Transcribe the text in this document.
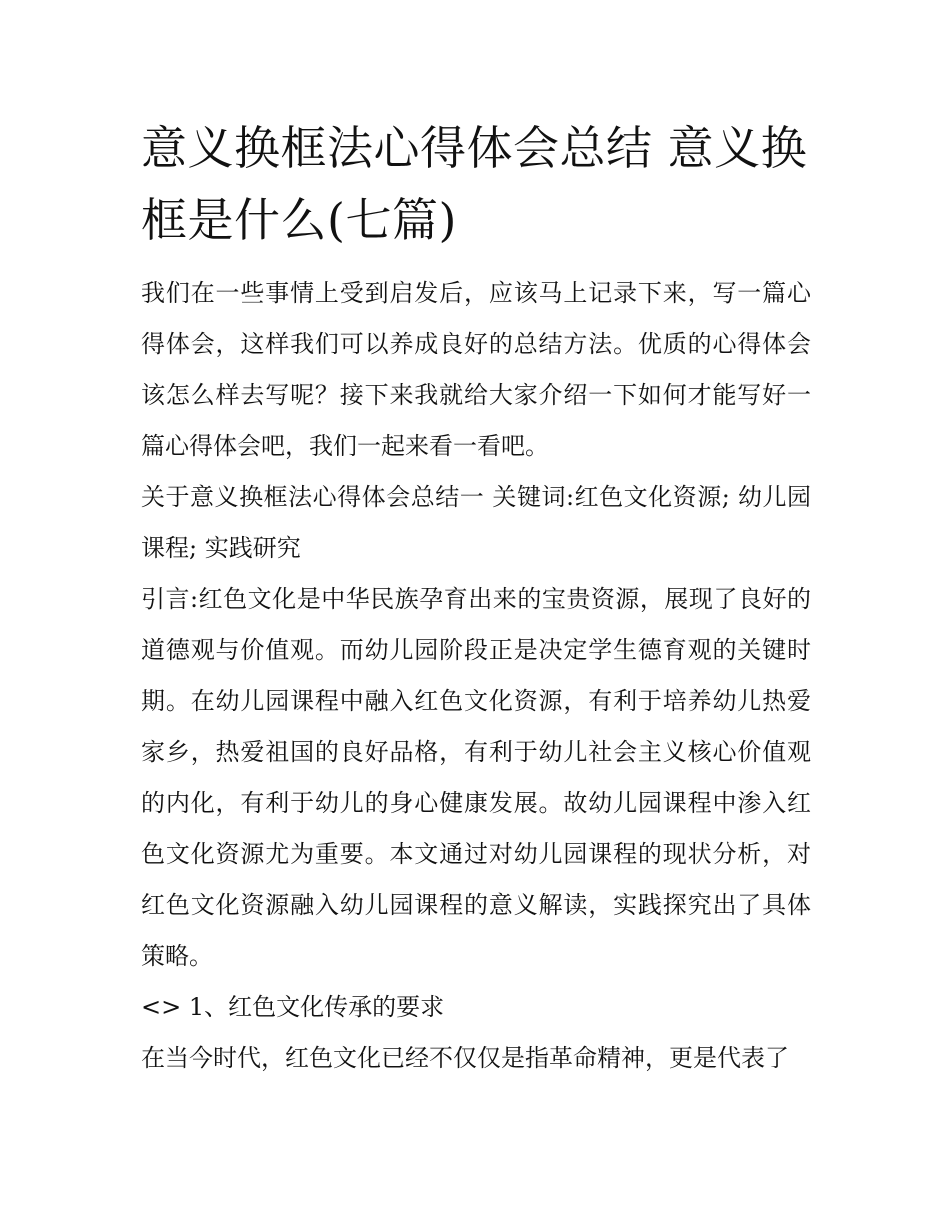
意义换框法心得体会总结 意义换框是什么(七篇)

我们在一些事情上受到启发后，应该马上记录下来，写一篇心得体会，这样我们可以养成良好的总结方法。优质的心得体会该怎么样去写呢？接下来我就给大家介绍一下如何才能写好一篇心得体会吧，我们一起来看一看吧。

关于意义换框法心得体会总结一 关键词:红色文化资源; 幼儿园课程; 实践研究

引言:红色文化是中华民族孕育出来的宝贵资源，展现了良好的道德观与价值观。而幼儿园阶段正是决定学生德育观的关键时期。在幼儿园课程中融入红色文化资源，有利于培养幼儿热爱家乡，热爱祖国的良好品格，有利于幼儿社会主义核心价值观的内化，有利于幼儿的身心健康发展。故幼儿园课程中渗入红色文化资源尤为重要。本文通过对幼儿园课程的现状分析，对红色文化资源融入幼儿园课程的意义解读，实践探究出了具体策略。

<> 1、红色文化传承的要求

在当今时代，红色文化已经不仅仅是指革命精神，更是代表了
